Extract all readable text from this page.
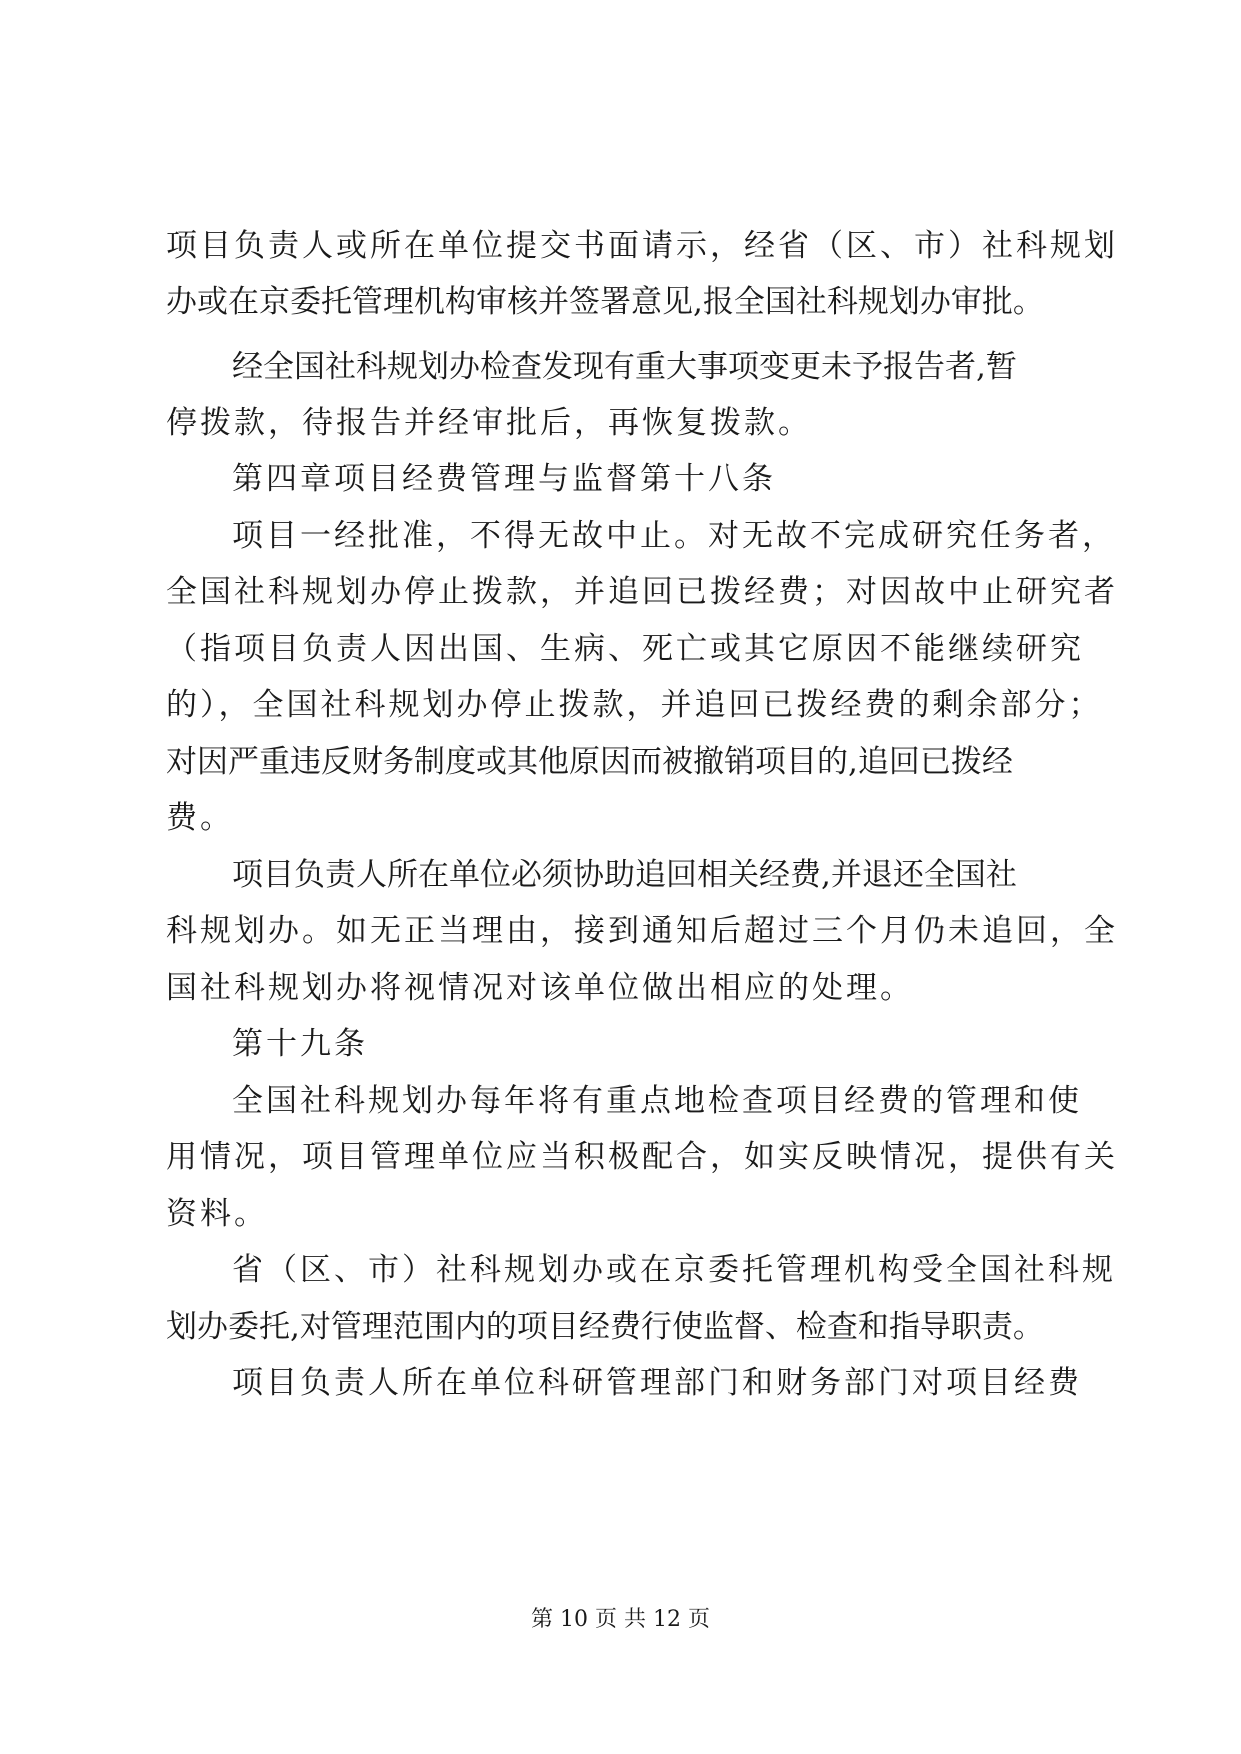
项目负责人或所在单位提交书面请示，经省（区、市）社科规划
办或在京委托管理机构审核并签署意见,报全国社科规划办审批。
经全国社科规划办检查发现有重大事项变更未予报告者,暂
停拨款，待报告并经审批后，再恢复拨款。
第四章项目经费管理与监督第十八条
项目一经批准，不得无故中止。对无故不完成研究任务者，
全国社科规划办停止拨款，并追回已拨经费；对因故中止研究者
（指项目负责人因出国、生病、死亡或其它原因不能继续研究
的），全国社科规划办停止拨款，并追回已拨经费的剩余部分；
对因严重违反财务制度或其他原因而被撤销项目的,追回已拨经
费。
项目负责人所在单位必须协助追回相关经费,并退还全国社
科规划办。如无正当理由，接到通知后超过三个月仍未追回，全
国社科规划办将视情况对该单位做出相应的处理。
第十九条
全国社科规划办每年将有重点地检查项目经费的管理和使
用情况，项目管理单位应当积极配合，如实反映情况，提供有关
资料。
省（区、市）社科规划办或在京委托管理机构受全国社科规
划办委托,对管理范围内的项目经费行使监督、检查和指导职责。
项目负责人所在单位科研管理部门和财务部门对项目经费
第 10 页 共 12 页
